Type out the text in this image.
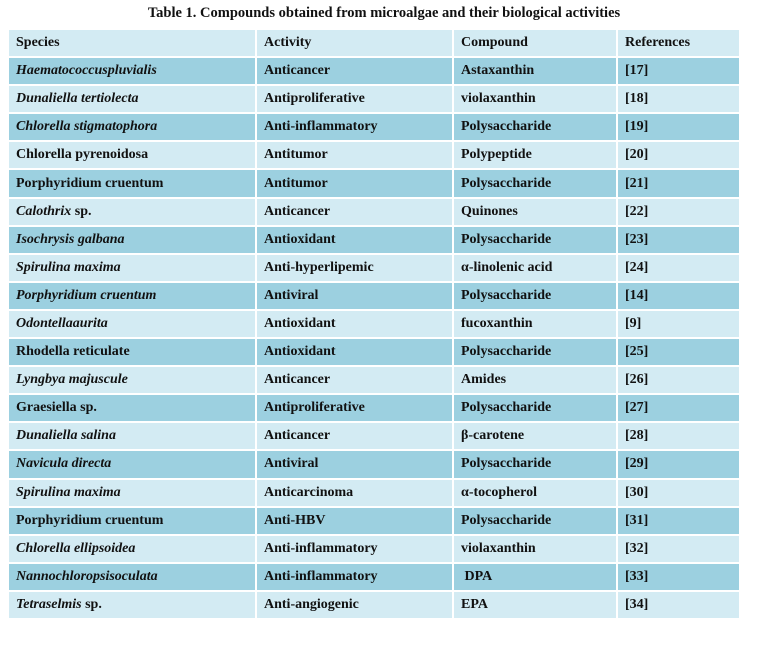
Table 1. Compounds obtained from microalgae and their biological activities
Species	Activity	Compound	References
Haematococcuspluvialis	Anticancer	Astaxanthin	[17]
Dunaliella tertiolecta	Antiproliferative	violaxanthin	[18]
Chlorella stigmatophora	Anti-inflammatory	Polysaccharide	[19]
Chlorella pyrenoidosa	Antitumor	Polypeptide	[20]
Porphyridium cruentum	Antitumor	Polysaccharide	[21]
Calothrix sp.	Anticancer	Quinones	[22]
Isochrysis galbana	Antioxidant	Polysaccharide	[23]
Spirulina maxima	Anti-hyperlipemic	α-linolenic acid	[24]
Porphyridium cruentum	Antiviral	Polysaccharide	[14]
Odontellaaurita	Antioxidant	fucoxanthin	[9]
Rhodella reticulate	Antioxidant	Polysaccharide	[25]
Lyngbya majuscule	Anticancer	Amides	[26]
Graesiella sp.	Antiproliferative	Polysaccharide	[27]
Dunaliella salina	Anticancer	β-carotene	[28]
Navicula directa	Antiviral	Polysaccharide	[29]
Spirulina maxima	Anticarcinoma	α-tocopherol	[30]
Porphyridium cruentum	Anti-HBV	Polysaccharide	[31]
Chlorella ellipsoidea	Anti-inflammatory	violaxanthin	[32]
Nannochloropsisoculata	Anti-inflammatory	DPA	[33]
Tetraselmis sp.	Anti-angiogenic	EPA	[34]
